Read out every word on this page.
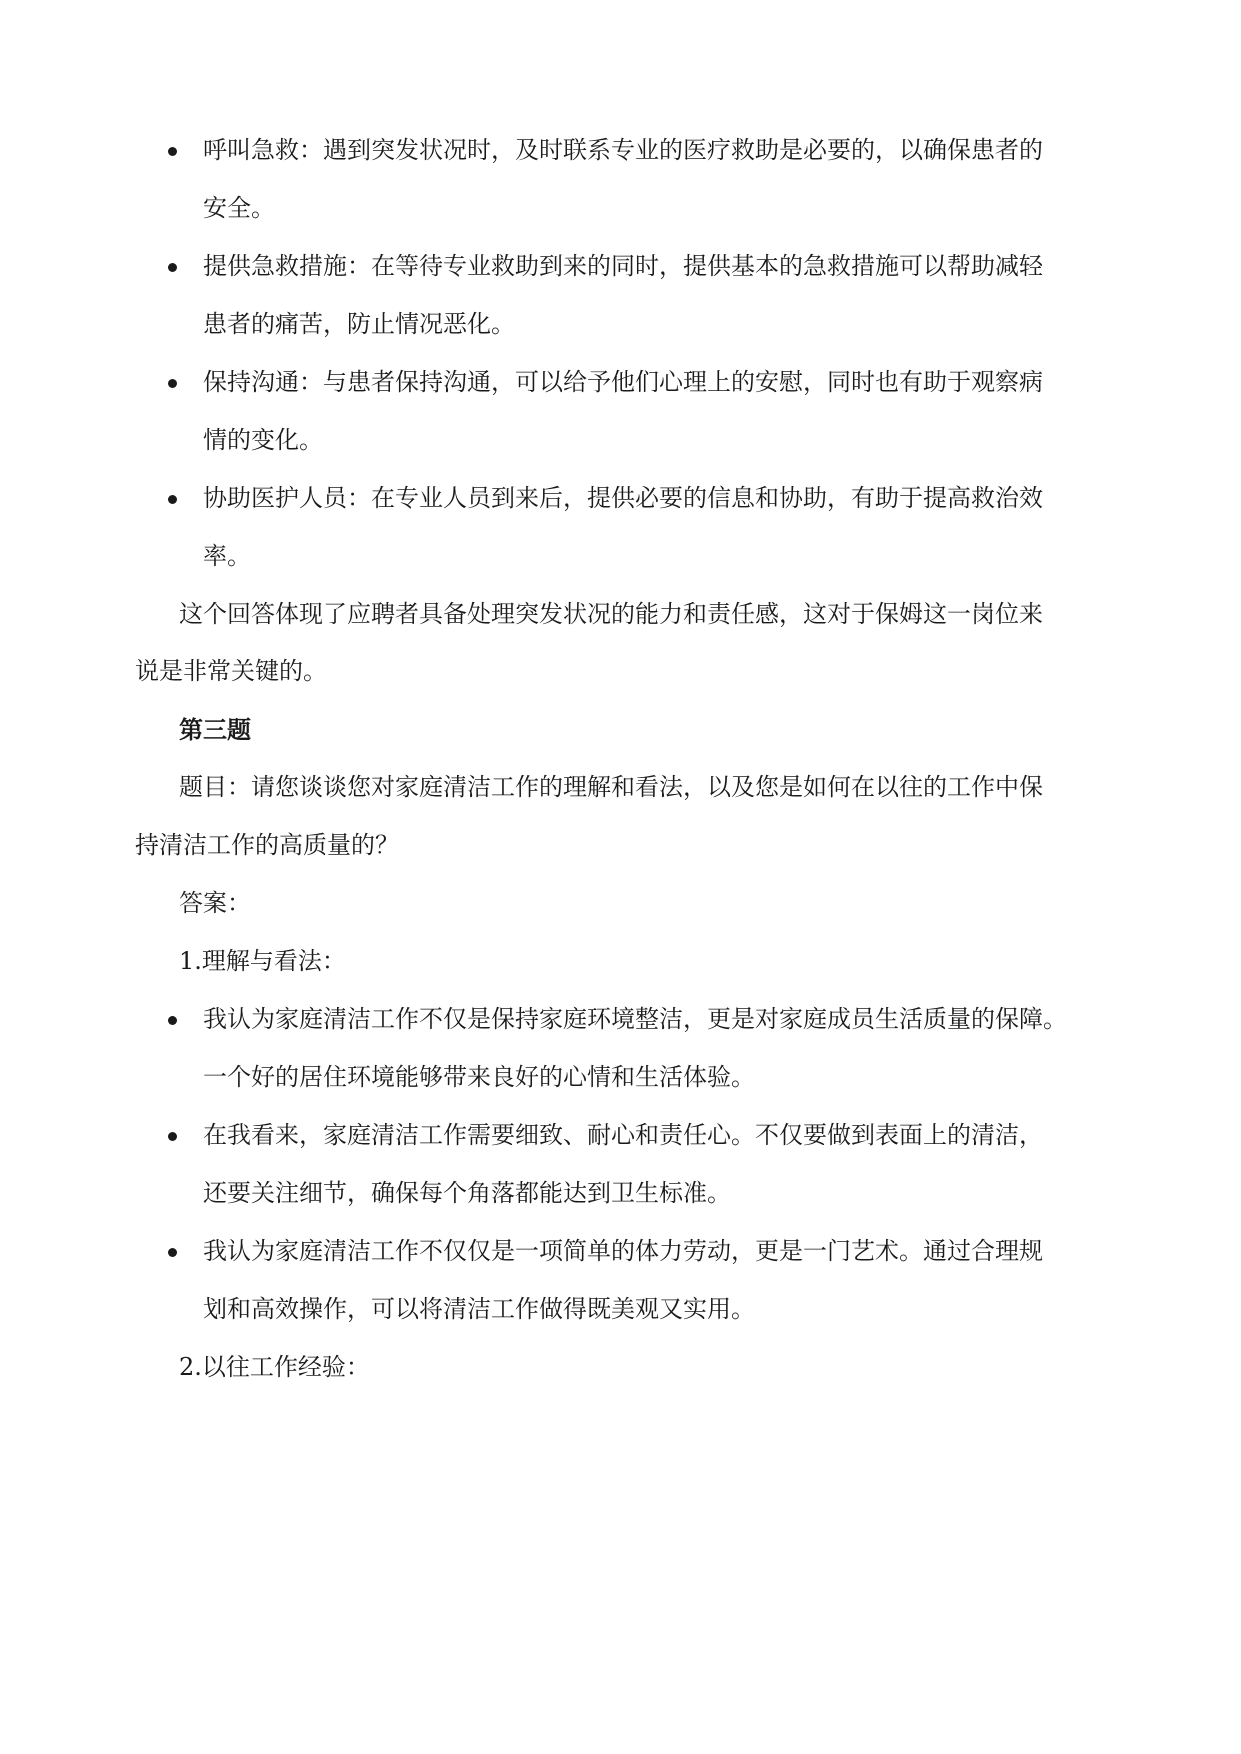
呼叫急救：遇到突发状况时，及时联系专业的医疗救助是必要的，以确保患者的
安全。
提供急救措施：在等待专业救助到来的同时，提供基本的急救措施可以帮助减轻
患者的痛苦，防止情况恶化。
保持沟通：与患者保持沟通，可以给予他们心理上的安慰，同时也有助于观察病
情的变化。
协助医护人员：在专业人员到来后，提供必要的信息和协助，有助于提高救治效
率。
这个回答体现了应聘者具备处理突发状况的能力和责任感，这对于保姆这一岗位来
说是非常关键的。
第三题
题目：请您谈谈您对家庭清洁工作的理解和看法，以及您是如何在以往的工作中保
持清洁工作的高质量的？
答案：
1.理解与看法：
我认为家庭清洁工作不仅是保持家庭环境整洁，更是对家庭成员生活质量的保障。
一个好的居住环境能够带来良好的心情和生活体验。
在我看来，家庭清洁工作需要细致、耐心和责任心。不仅要做到表面上的清洁，
还要关注细节，确保每个角落都能达到卫生标准。
我认为家庭清洁工作不仅仅是一项简单的体力劳动，更是一门艺术。通过合理规
划和高效操作，可以将清洁工作做得既美观又实用。
2.以往工作经验：
